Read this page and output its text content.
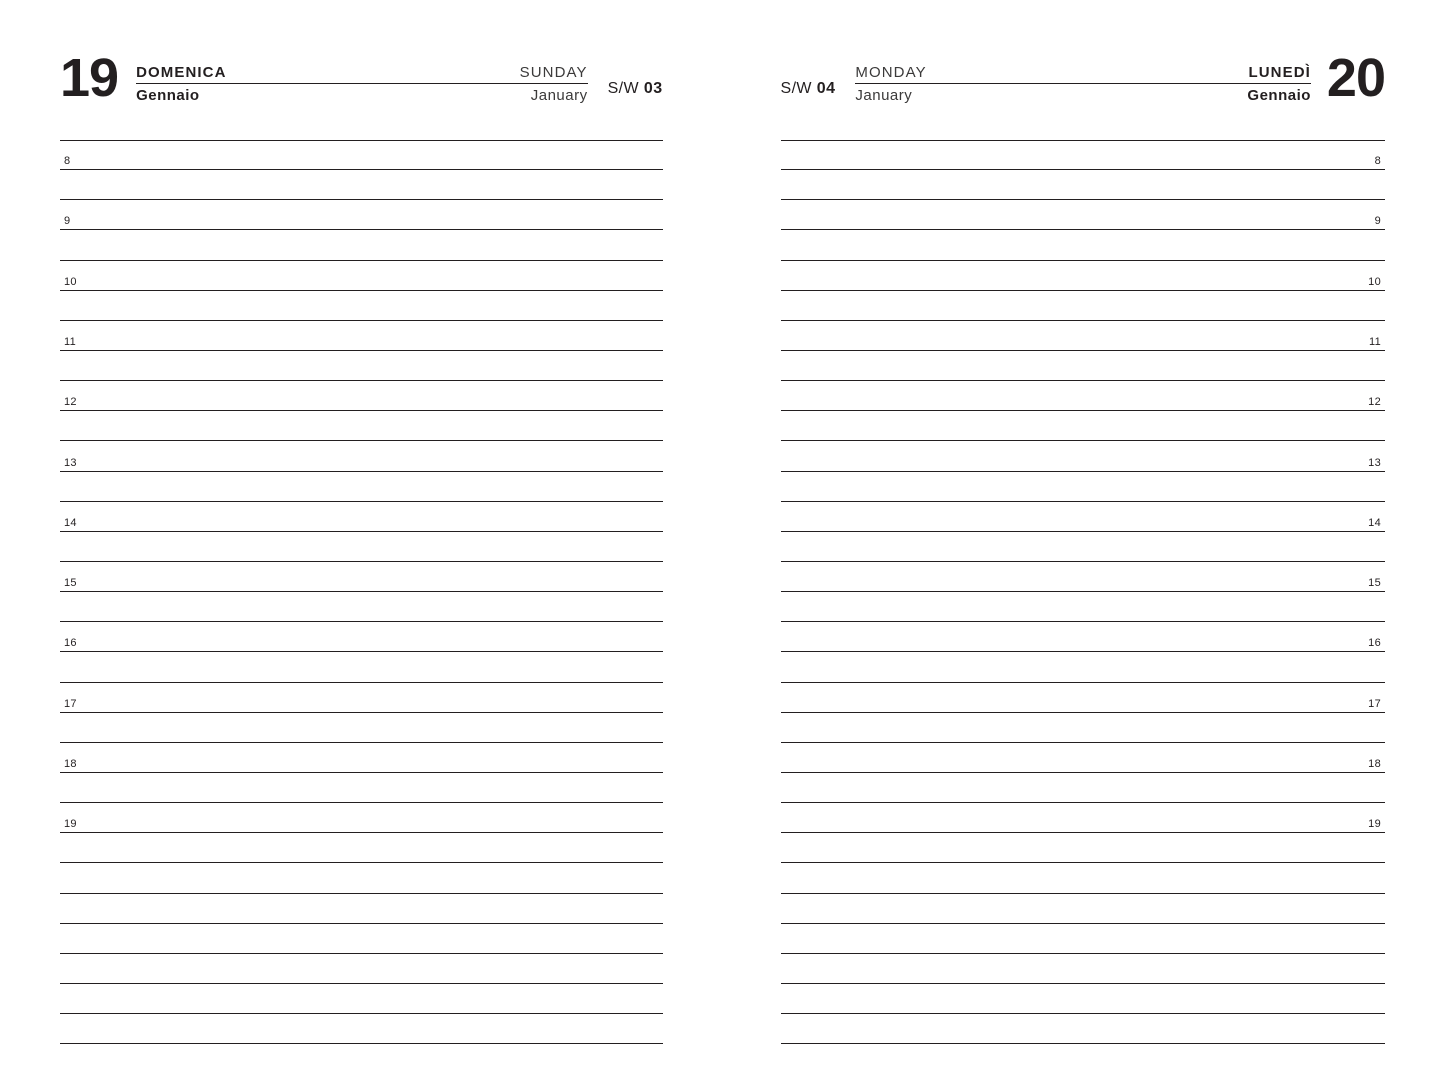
19 DOMENICA	SUNDAY
Gennaio	January S/W 03
8
9
10
11
12
13
14
15
16
17
18
19
S/W 04
MONDAY	LUNEDÌ
January	Gennaio 20
8
9
10
11
12
13
14
15
16
17
18
19
